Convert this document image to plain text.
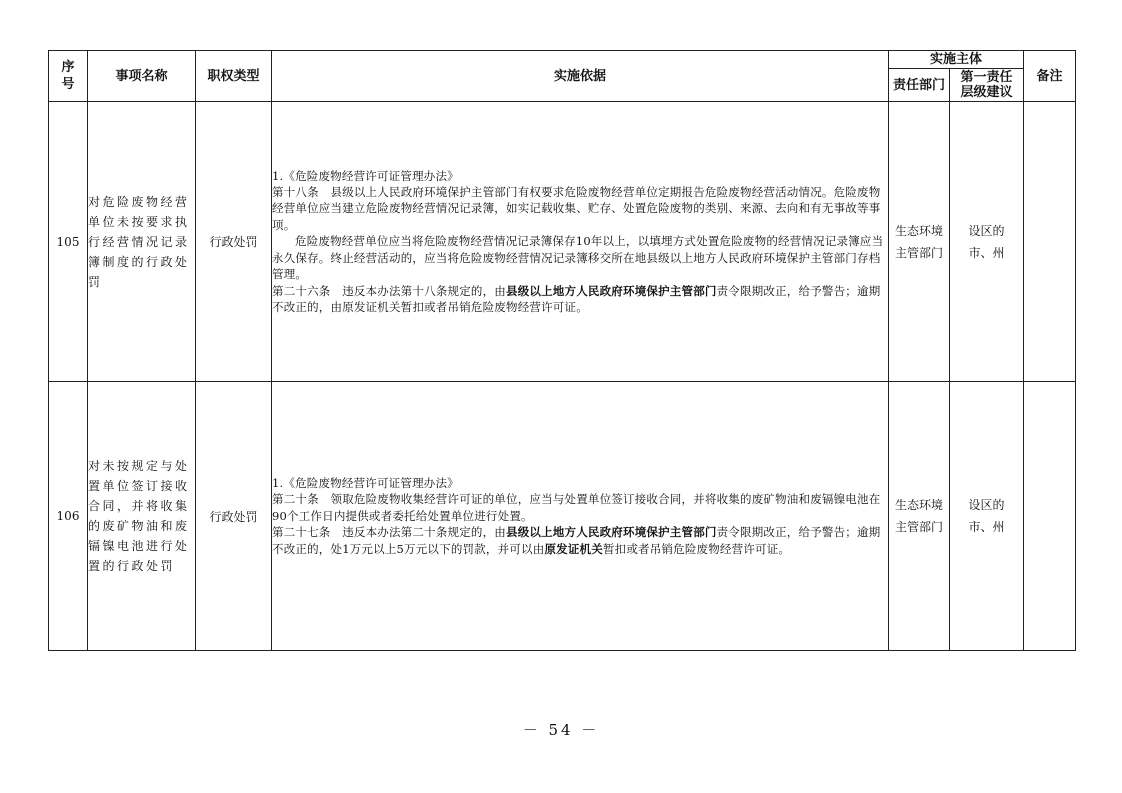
序号	事项名称	职权类型	实施依据	实施主体		备注
				责任部门	第一责任层级建议	
105	对危险废物经营单位未按要求执行经营情况记录簿制度的行政处罚	行政处罚	1.《危险废物经营许可证管理办法》

第十八条　县级以上人民政府环境保护主管部门有权要求危险废物经营单位定期报告危险废物经营活动情况。危险废物经营单位应当建立危险废物经营情况记录簿，如实记载收集、贮存、处置危险废物的类别、来源、去向和有无事故等事项。

危险废物经营单位应当将危险废物经营情况记录簿保存10年以上，以填埋方式处置危险废物的经营情况记录簿应当永久保存。终止经营活动的，应当将危险废物经营情况记录簿移交所在地县级以上地方人民政府环境保护主管部门存档管理。

第二十六条　违反本办法第十八条规定的，由县级以上地方人民政府环境保护主管部门责令限期改正，给予警告；逾期不改正的，由原发证机关暂扣或者吊销危险废物经营许可证。	生态环境主管部门	设区的市、州	
106	对未按规定与处置单位签订接收合同，并将收集的废矿物油和废镉镍电池进行处置的行政处罚	行政处罚	1.《危险废物经营许可证管理办法》

第二十条　领取危险废物收集经营许可证的单位，应当与处置单位签订接收合同，并将收集的废矿物油和废镉镍电池在90个工作日内提供或者委托给处置单位进行处置。

第二十七条　违反本办法第二十条规定的，由县级以上地方人民政府环境保护主管部门责令限期改正，给予警告；逾期不改正的，处1万元以上5万元以下的罚款，并可以由原发证机关暂扣或者吊销危险废物经营许可证。	生态环境主管部门	设区的市、州	
－ 54 －
